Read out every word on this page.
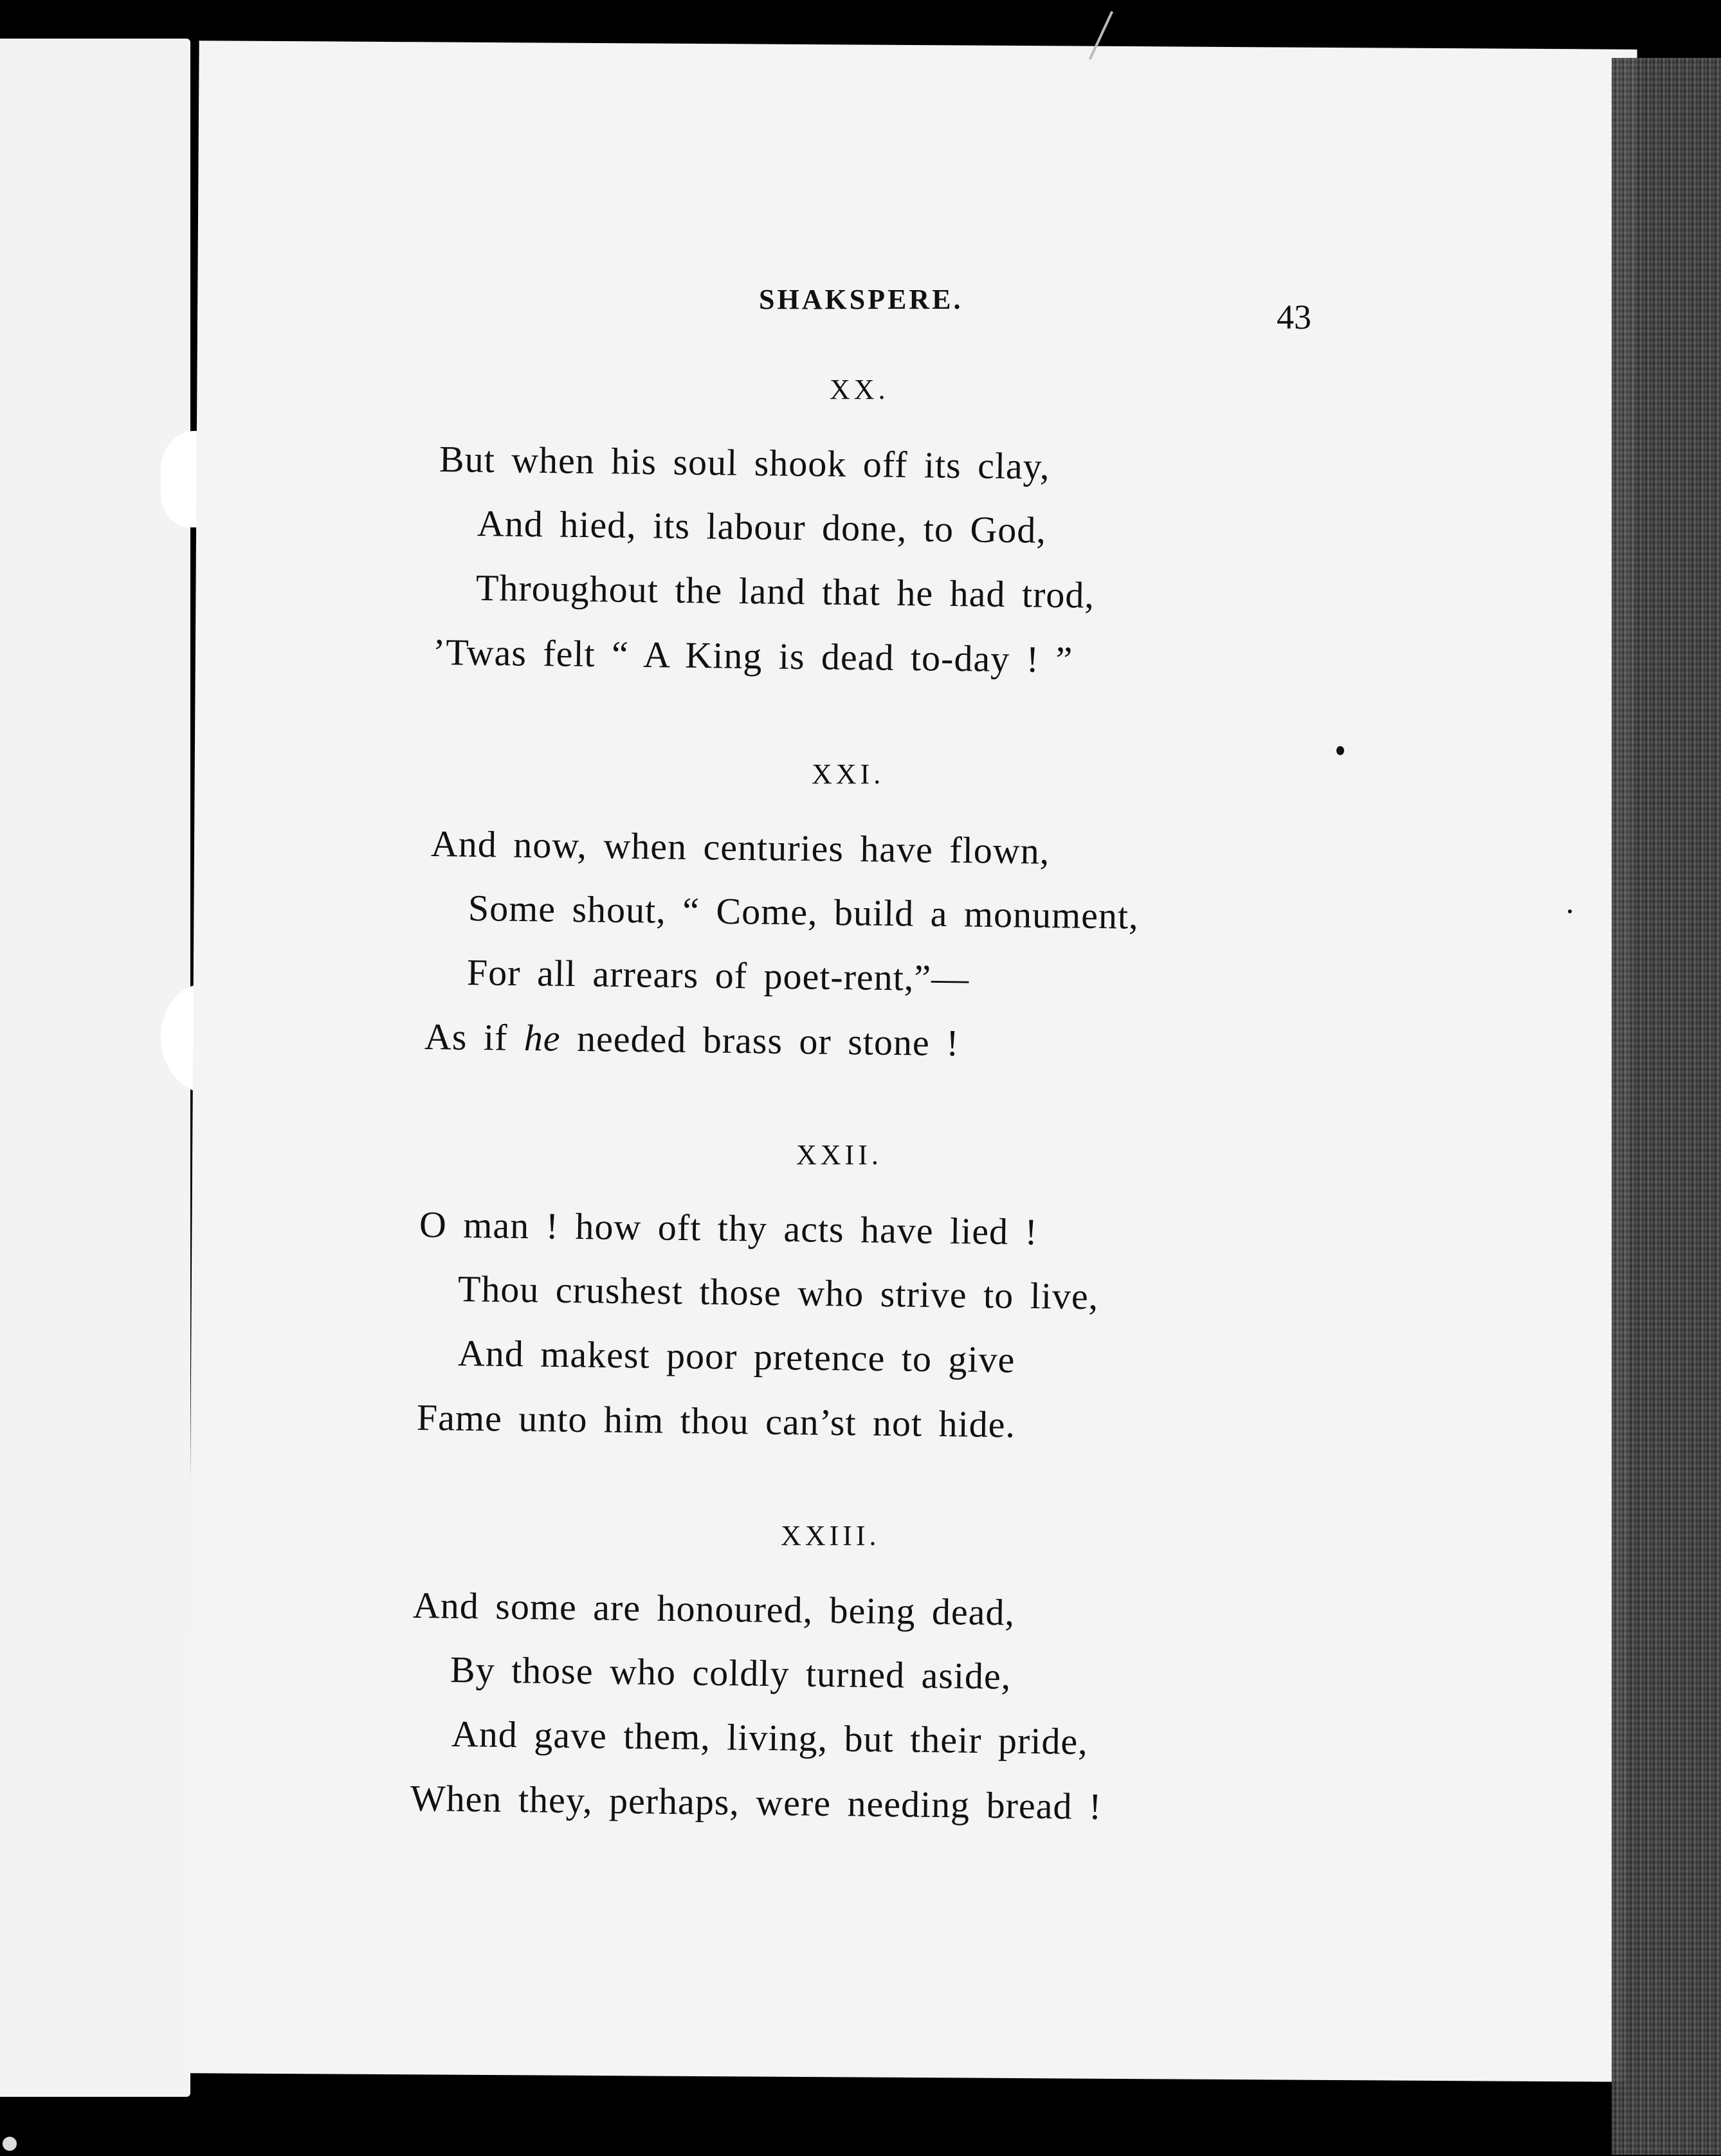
SHAKSPERE.	43
XX.
But when his soul shook off its clay,
And hied, its labour done, to God,
Throughout the land that he had trod,
’Twas felt “ A King is dead to-day ! ”
XXI.
And now, when centuries have flown,
Some shout, “ Come, build a monument,
For all arrears of poet-rent,”—
As if he needed brass or stone !
XXII.
O man ! how oft thy acts have lied !
Thou crushest those who strive to live,
And makest poor pretence to give
Fame unto him thou can’st not hide.
XXIII.
And some are honoured, being dead,
By those who coldly turned aside,
And gave them, living, but their pride,
When they, perhaps, were needing bread !
